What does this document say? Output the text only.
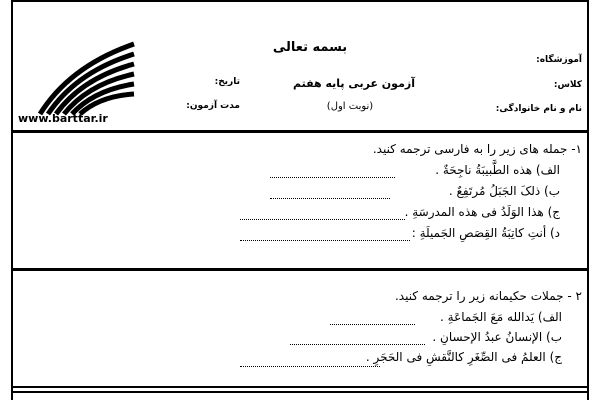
www.barttar.ir
بسمه تعالی
آموزشگاه:
آزمون عربی پایه هفتم	کلاس:
تاریخ:
(نوبت اول)	نام و نام خانوادگی:
مدت آزمون:
۱- جمله های زیر را به فارسی ترجمه کنید.
الف) هذه الطَّبيبَةُ ناجِحَةٌ .
ب) ذلکَ الجَبَلُ مُرتَفِعٌ .
ج) هذا الوَلَدُ فی هذه المدرسَةِ .
د) أنتِ كاتِبَةُ القِصَصِ الجَميلَةِ :
۲ - جملات حکیمانه زیر را ترجمه کنید.
الف) يَدالله مَعَ الجَماعَةِ .
ب) الإنسانُ عبدُ الإحسانِ .
ج) العلمُ فی الصِّغَرِ كالنَّقشِ فی الحَجَرِ .
